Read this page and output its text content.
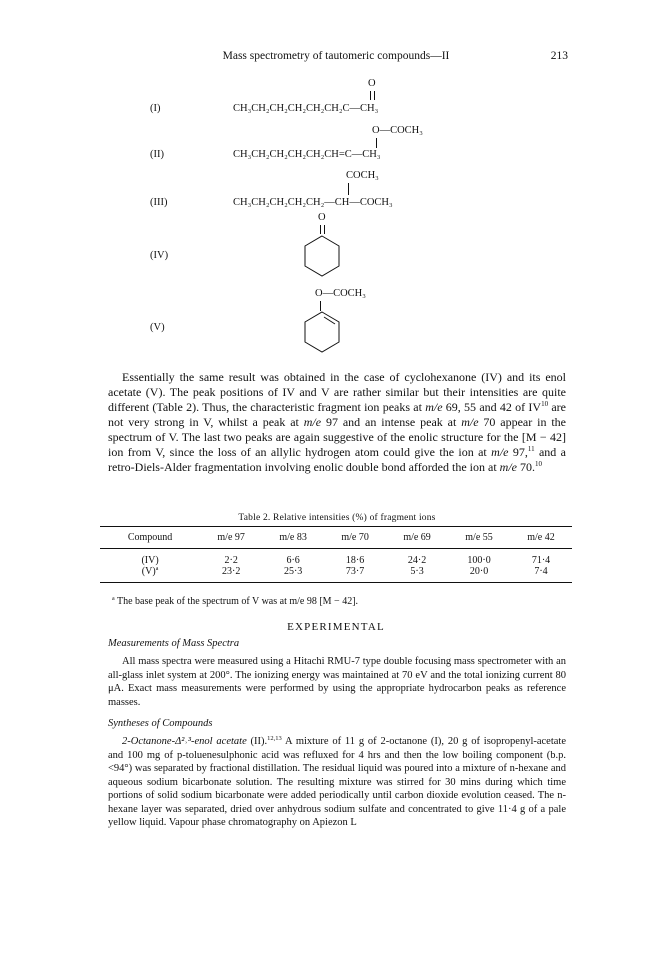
Mass spectrometry of tautomeric compounds—II	213
O
(I)	CH₃CH₂CH₂CH₂CH₂CH₂C—CH₃
O—COCH₃
(II)	CH₃CH₂CH₂CH₂CH₂CH=C—CH₃
COCH₃
(III)	CH₃CH₂CH₂CH₂CH₂—CH—COCH₃
O
(IV)
O—COCH₃
(V)

Essentially the same result was obtained in the case of cyclohexanone (IV) and its enol acetate (V). The peak positions of IV and V are rather similar but their intensities are quite different (Table 2). Thus, the characteristic fragment ion peaks at m/e 69, 55 and 42 of IV$^{10}$ are not very strong in V, whilst a peak at m/e 97 and an intense peak at m/e 70 appear in the spectrum of V. The last two peaks are again suggestive of the enolic structure for the [M − 42] ion from V, since the loss of an allylic hydrogen atom could give the ion at m/e 97,11 and a retro-Diels-Alder fragmentation involving enolic double bond afforded the ion at m/e 70.10

Table 2. Relative intensities (%) of fragment ions
Compound	m/e 97	m/e 83	m/e 70	m/e 69	m/e 55	m/e 42
(IV)	2·2	6·6	18·6	24·2	100·0	71·4
$(V)^a$	23·2	25·3	73·7	5·3	20·0	7·4
$^a$ The base peak of the spectrum of V was at m/e 98 [M − 42].
EXPERIMENTAL
Measurements of Mass Spectra

All mass spectra were measured using a Hitachi RMU-7 type double focusing mass spectrometer with an all-glass inlet system at 200°. The ionizing energy was maintained at 70 eV and the total ionizing current 80 μA. Exact mass measurements were performed by using the appropriate hydrocarbon peaks as reference masses.

Syntheses of Compounds

2-Octanone-Δ²˒³-enol acetate (II).$^{12,13}$ A mixture of 11 g of 2-octanone (I), 20 g of isopropenyl-acetate and 100 mg of p-toluenesulphonic acid was refluxed for 4 hrs and then the low boiling component (b.p. <94°) was separated by fractional distillation. The residual liquid was poured into a mixture of n-hexane and aqueous sodium bicarbonate solution. The resulting mixture was stirred for 30 mins during which time portions of solid sodium bicarbonate were added periodically until carbon dioxide evolution ceased. The n-hexane layer was separated, dried over anhydrous sodium sulfate and concentrated to give 11·4 g of a pale yellow liquid. Vapour phase chromatography on Apiezon L
